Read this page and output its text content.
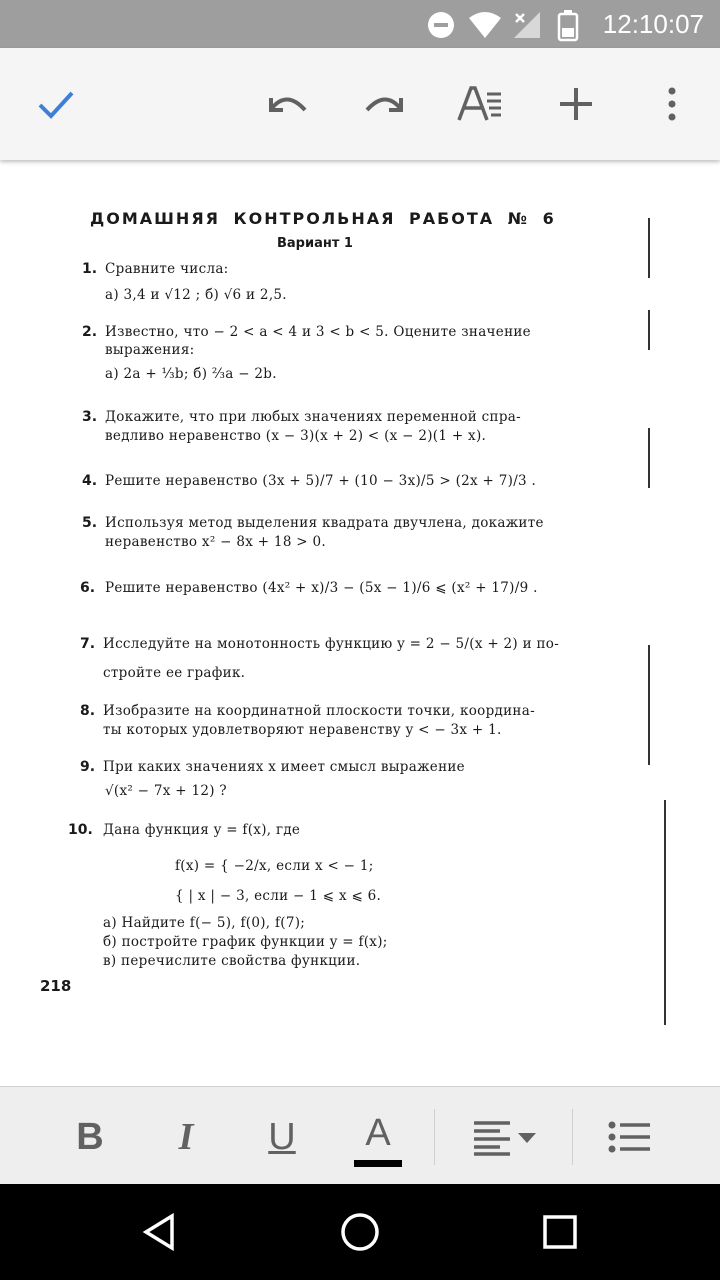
12:10:07
ДОМАШНЯЯ КОНТРОЛЬНАЯ РАБОТА № 6
Вариант 1
1. Сравните числа:
а) 3,4 и √12 ; б) √6 и 2,5.
2. Известно, что − 2 < a < 4 и 3 < b < 5. Оцените значение
выражения:
а) 2a + ⅓b; б) ⅔a − 2b.
3. Докажите, что при любых значениях переменной спра-
ведливо неравенство (x − 3)(x + 2) < (x − 2)(1 + x).
4. Решите неравенство (3x + 5)/7 + (10 − 3x)/5 > (2x + 7)/3 .
5. Используя метод выделения квадрата двучлена, докажите
неравенство x² − 8x + 18 > 0.
6. Решите неравенство (4x² + x)/3 − (5x − 1)/6 ⩽ (x² + 17)/9 .
7. Исследуйте на монотонность функцию y = 2 − 5/(x + 2) и по-
стройте ее график.
8. Изобразите на координатной плоскости точки, координа-
ты которых удовлетворяют неравенству y < − 3x + 1.
9. При каких значениях x имеет смысл выражение
√(x² − 7x + 12) ?
10. Дана функция y = f(x), где
f(x) = { −2/x, если x < − 1;
{ | x | − 3, если − 1 ⩽ x ⩽ 6.
а) Найдите f(− 5), f(0), f(7);
б) постройте график функции y = f(x);
в) перечислите свойства функции.
218
B	I	U	A
